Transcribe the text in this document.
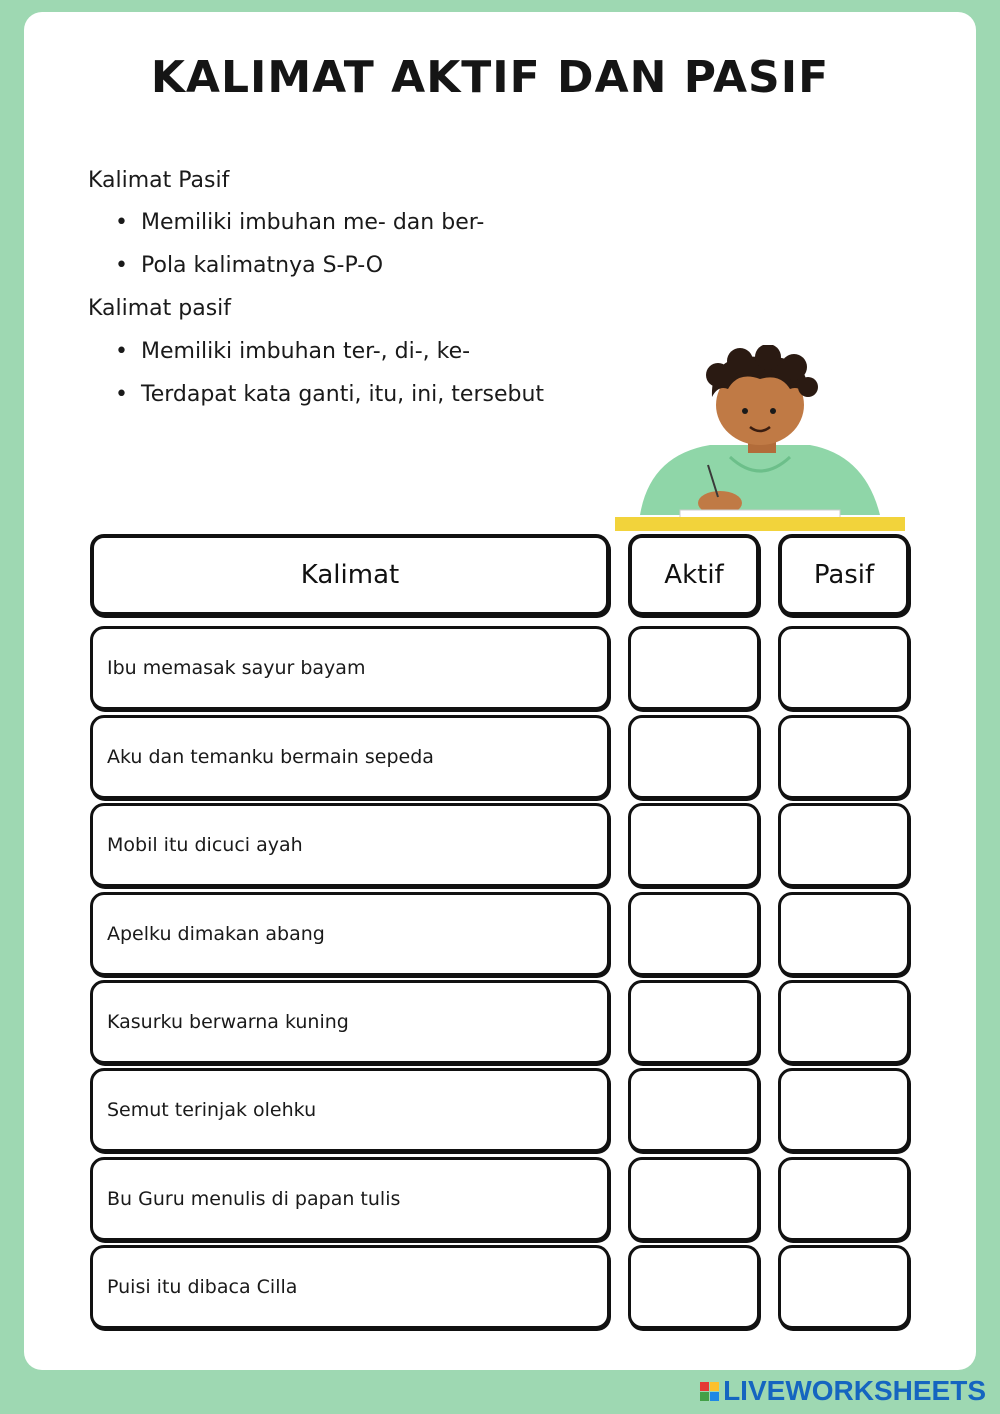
KALIMAT AKTIF DAN PASIF
Kalimat Pasif
• Memiliki imbuhan me- dan ber-
• Pola kalimatnya S-P-O
Kalimat pasif
• Memiliki imbuhan ter-, di-, ke-
• Terdapat kata ganti, itu, ini, tersebut
Kalimat	Aktif	Pasif
Ibu memasak sayur bayam
Aku dan temanku bermain sepeda
Mobil itu dicuci ayah
Apelku dimakan abang
Kasurku berwarna kuning
Semut terinjak olehku
Bu Guru menulis di papan tulis
Puisi itu dibaca Cilla
LIVEWORKSHEETS
